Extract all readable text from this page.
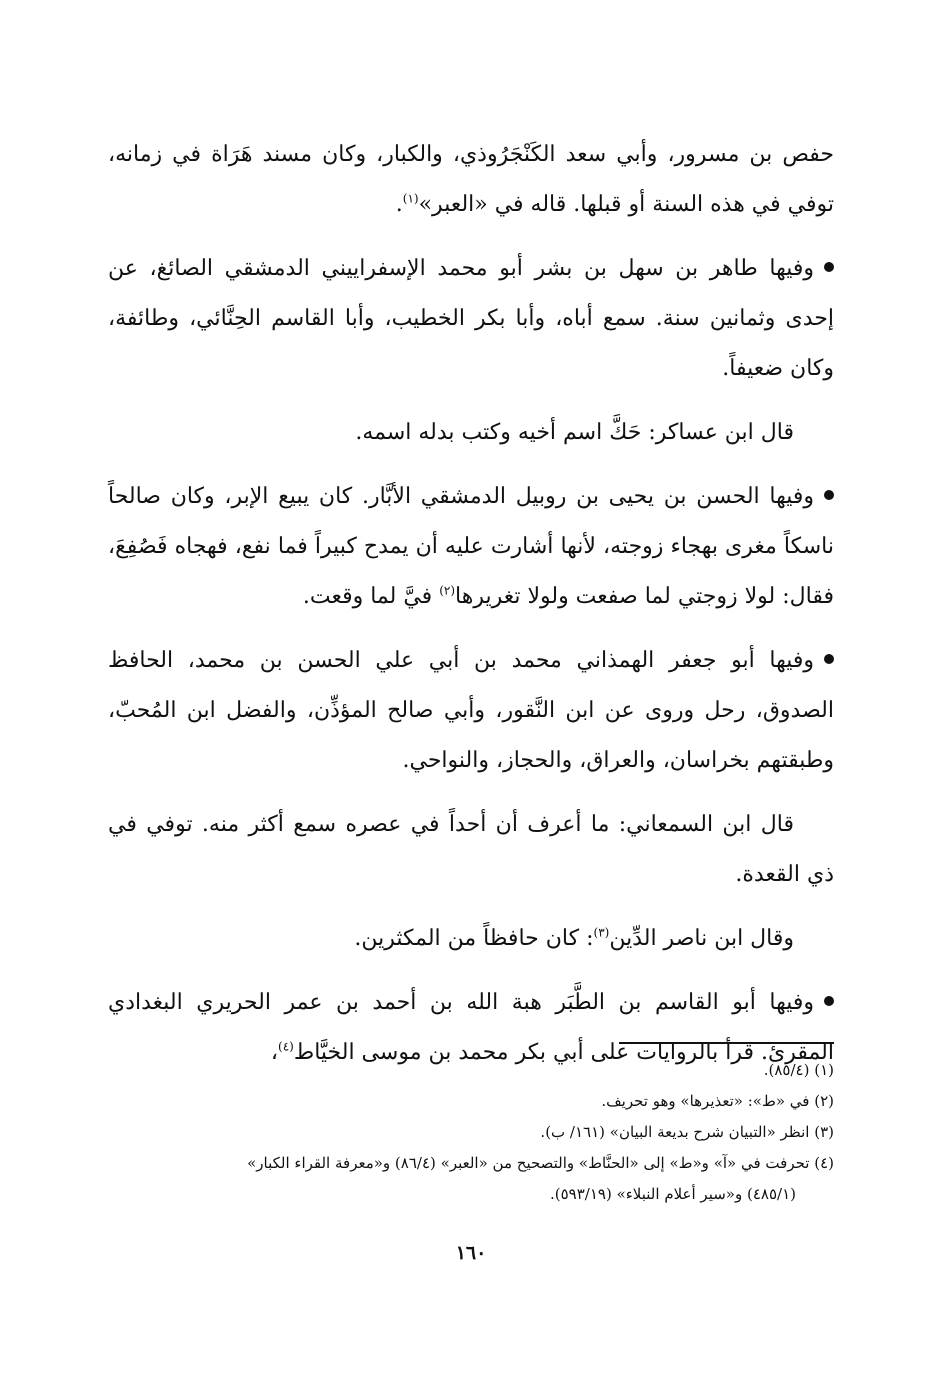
حفص بن مسرور، وأبي سعد الكَنْجَرُوذي، والكبار، وكان مسند هَرَاة في زمانه، توفي في هذه السنة أو قبلها. قاله في «العبر»$^{(١)}$.

وفيها طاهر بن سهل بن بشر أبو محمد الإسفراييني الدمشقي الصائغ، عن إحدى وثمانين سنة. سمع أباه، وأبا بكر الخطيب، وأبا القاسم الحِنَّائي، وطائفة، وكان ضعيفاً.

قال ابن عساكر: حَكَّ اسم أخيه وكتب بدله اسمه.

وفيها الحسن بن يحيى بن روبيل الدمشقي الأبَّار. كان يبيع الإبر، وكان صالحاً ناسكاً مغرى بهجاء زوجته، لأنها أشارت عليه أن يمدح كبيراً فما نفع، فهجاه فَصُفِعَ، فقال: لولا زوجتي لما صفعت ولولا تغريرها$^{(٢)}$ فيَّ لما وقعت.

وفيها أبو جعفر الهمذاني محمد بن أبي علي الحسن بن محمد، الحافظ الصدوق، رحل وروى عن ابن النَّقور، وأبي صالح المؤذِّن، والفضل ابن المُحبّ، وطبقتهم بخراسان، والعراق، والحجاز، والنواحي.

قال ابن السمعاني: ما أعرف أن أحداً في عصره سمع أكثر منه. توفي في ذي القعدة.

وقال ابن ناصر الدِّين$^{(٣)}$: كان حافظاً من المكثرين.

وفيها أبو القاسم بن الطَّبَر هبة الله بن أحمد بن عمر الحريري البغدادي المقرئ. قرأ بالروايات على أبي بكر محمد بن موسى الخيَّاط$^{(٤)}$،

(١) (٨٥/٤).

(٢) في «ط»: «تعذيرها» وهو تحريف.

(٣) انظر «التبيان شرح بديعة البيان» (١٦١/ ب).

(٤) تحرفت في «آ» و«ط» إلى «الحنَّاط» والتصحيح من «العبر» (٨٦/٤) و«معرفة القراء الكبار»

(٤٨٥/١) و«سير أعلام النبلاء» (٥٩٣/١٩).

١٦٠
